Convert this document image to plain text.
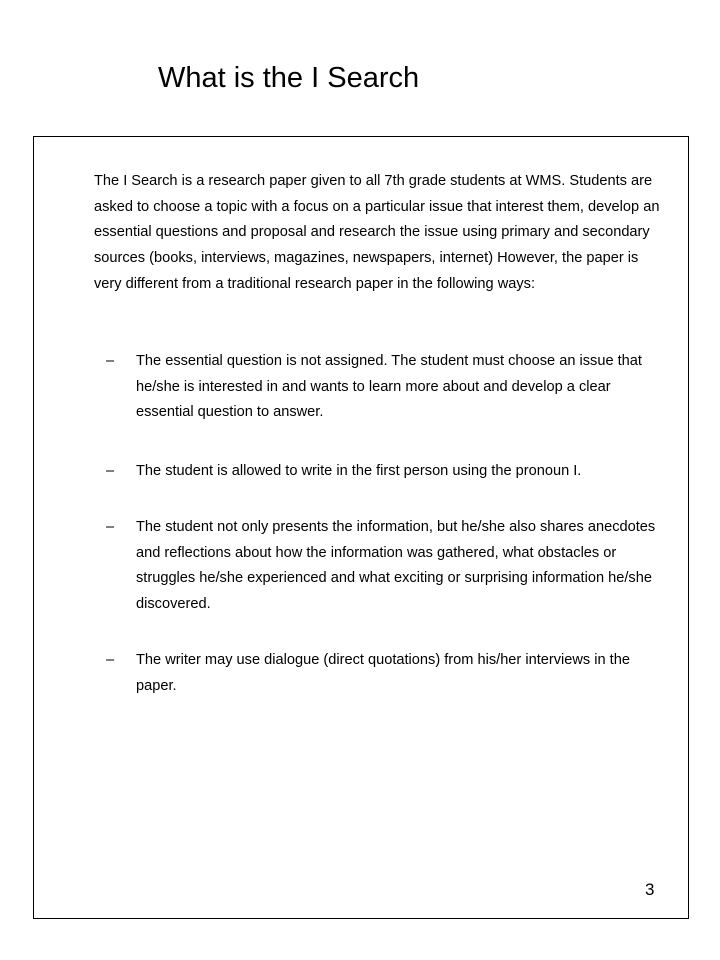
What is the I Search

The I Search is a research paper given to all 7th grade students at WMS. Students are asked to choose a topic with a focus on a particular issue that interest them, develop an essential questions and proposal and research the issue using primary and secondary sources (books, interviews, magazines, newspapers, internet) However, the paper is very different from a traditional research paper in the following ways:

– The essential question is not assigned. The student must choose an issue that he/she is interested in and wants to learn more about and develop a clear essential question to answer.
– The student is allowed to write in the first person using the pronoun I.
– The student not only presents the information, but he/she also shares anecdotes and reflections about how the information was gathered, what obstacles or struggles he/she experienced and what exciting or surprising information he/she discovered.
– The writer may use dialogue (direct quotations) from his/her interviews in the paper.
3
